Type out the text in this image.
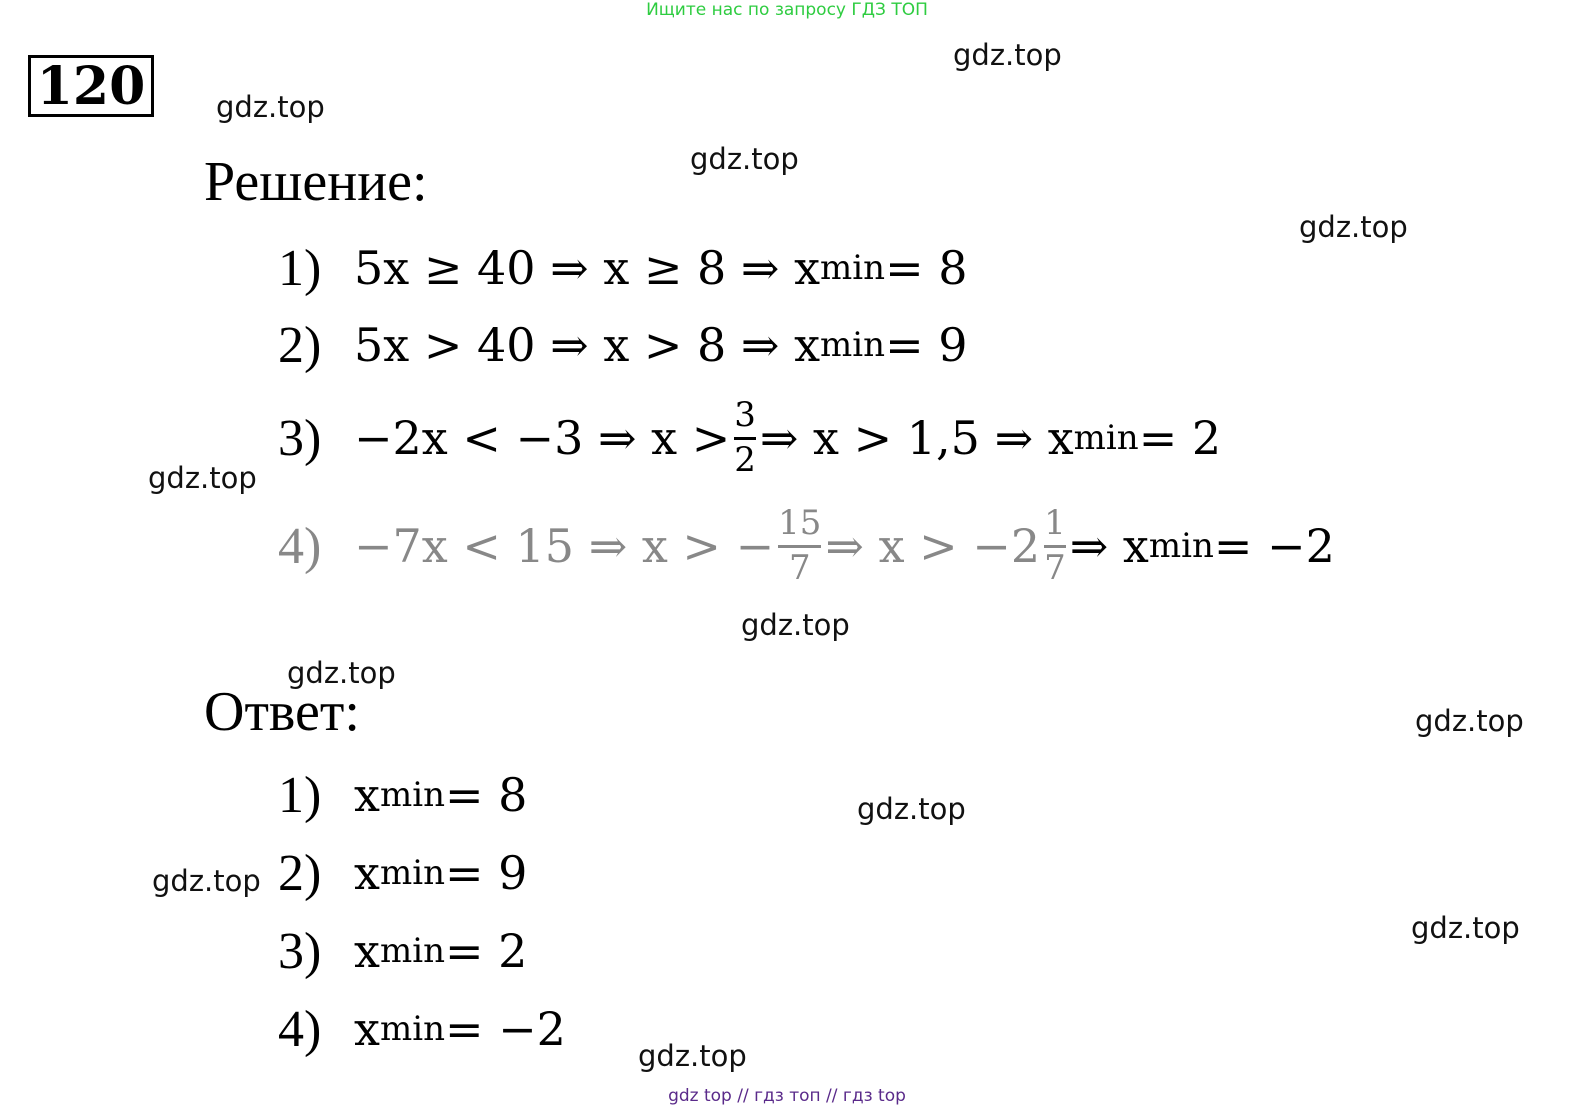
Ищите нас по запросу ГДЗ ТОП
120
gdz.top
gdz.top
gdz.top
gdz.top
gdz.top
gdz.top
gdz.top
gdz.top
gdz.top
gdz.top
gdz.top
gdz.top
Решение:
1) 5x ≥ 40 ⇒ x ≥ 8 ⇒ x min = 8
2) 5x > 40 ⇒ x > 8 ⇒ x min = 9
3) −2x < −3 ⇒ $x > \frac{3}{2}$ ⇒ x > 1,5 ⇒ x min = 2
4) −7x < 15 ⇒ x > − $\frac{15}{7}$ ⇒ $x > -2 \frac{1}{7}$ ⇒ x min = −2
Ответ:
1) x min = 8
2) x min = 9
3) x min = 2
4) x min = −2
gdz top // гдз топ // гдз top
